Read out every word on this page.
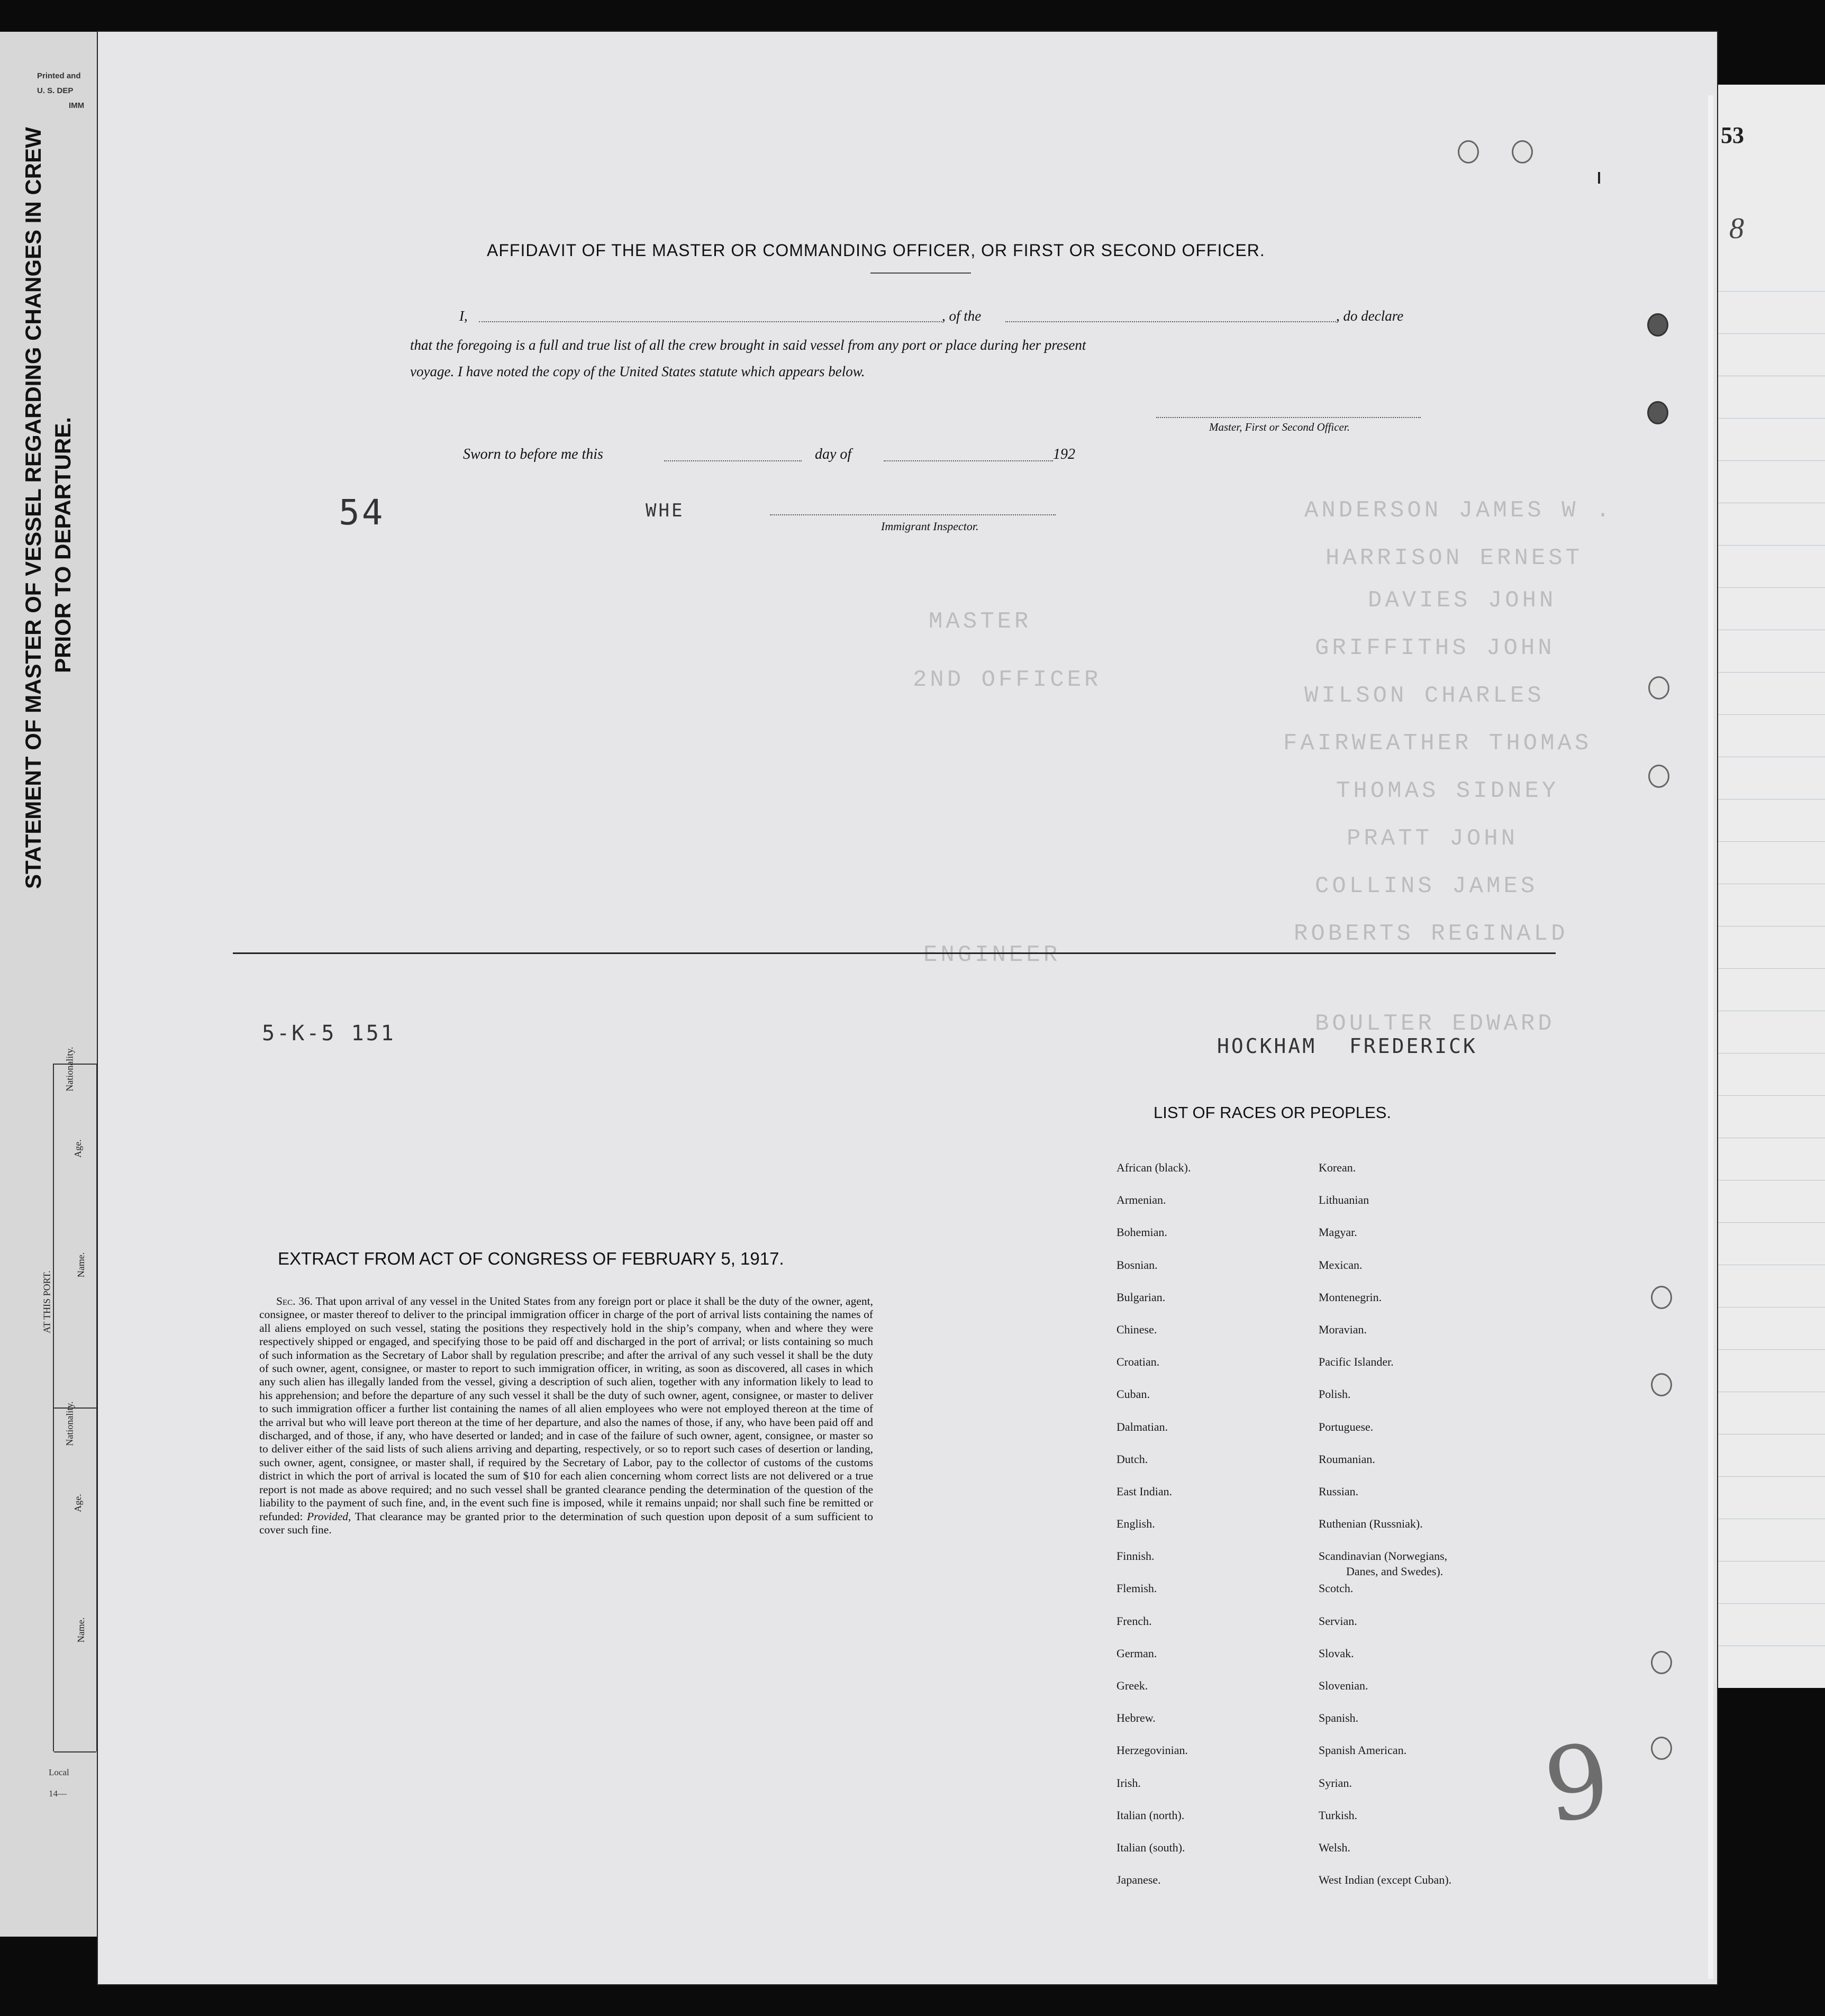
Printed and
U. S. DEP
IMM
STATEMENT OF MASTER OF VESSEL REGARDING CHANGES IN CREW PRIOR TO DEPARTURE.
Nationality.
Age.
Name.
Nationality.
Age.
Name.
AT THIS PORT.
Local
14—
53
8
ANDERSON JAMES W .
HARRISON ERNEST
DAVIES JOHN
GRIFFITHS JOHN
WILSON CHARLES
FAIRWEATHER THOMAS
THOMAS SIDNEY
PRATT JOHN
COLLINS JAMES
ROBERTS REGINALD
BOULTER EDWARD
ENGINEER
MASTER
2ND OFFICER
AFFIDAVIT OF THE MASTER OR COMMANDING OFFICER, OR FIRST OR SECOND OFFICER.
I,	, of the	, do declare
that the foregoing is a full and true list of all the crew brought in said vessel from any port or place during her present
voyage. I have noted the copy of the United States statute which appears below.
Master, First or Second Officer.
Sworn to before me this	day of	192
Immigrant Inspector.
54	WHE
5-K-5 151
HOCKHAM FREDERICK
9
EXTRACT FROM ACT OF CONGRESS OF FEBRUARY 5, 1917.
Sec. 36. That upon arrival of any vessel in the United States from any foreign port or place it shall be the duty of the owner, agent, consignee, or master thereof to deliver to the principal immigration officer in charge of the port of arrival lists containing the names of all aliens employed on such vessel, stating the positions they respectively hold in the ship’s company, when and where they were respectively shipped or engaged, and specifying those to be paid off and discharged in the port of arrival; or lists containing so much of such information as the Secretary of Labor shall by regulation prescribe; and after the arrival of any such vessel it shall be the duty of such owner, agent, consignee, or master to report to such immigration officer, in writing, as soon as discovered, all cases in which any such alien has illegally landed from the vessel, giving a description of such alien, together with any information likely to lead to his apprehension; and before the departure of any such vessel it shall be the duty of such owner, agent, consignee, or master to deliver to such immigration officer a further list containing the names of all alien employees who were not employed thereon at the time of the arrival but who will leave port thereon at the time of her departure, and also the names of those, if any, who have been paid off and discharged, and of those, if any, who have deserted or landed; and in case of the failure of such owner, agent, consignee, or master so to deliver either of the said lists of such aliens arriving and departing, respectively, or so to report such cases of desertion or landing, such owner, agent, consignee, or master shall, if required by the Secretary of Labor, pay to the collector of customs of the customs district in which the port of arrival is located the sum of $10 for each alien concerning whom correct lists are not delivered or a true report is not made as above required; and no such vessel shall be granted clearance pending the determination of the question of the liability to the payment of such fine, and, in the event such fine is imposed, while it remains unpaid; nor shall such fine be remitted or refunded: Provided, That clearance may be granted prior to the determination of such question upon deposit of a sum sufficient to cover such fine.
LIST OF RACES OR PEOPLES.
African (black).
Armenian.
Bohemian.
Bosnian.
Bulgarian.
Chinese.
Croatian.
Cuban.
Dalmatian.
Dutch.
East Indian.
English.
Finnish.
Flemish.
French.
German.
Greek.
Hebrew.
Herzegovinian.
Irish.
Italian (north).
Italian (south).
Japanese.
Korean.
Lithuanian
Magyar.
Mexican.
Montenegrin.
Moravian.
Pacific Islander.
Polish.
Portuguese.
Roumanian.
Russian.
Ruthenian (Russniak).
Scandinavian (Norwegians,
Danes, and Swedes).
Scotch.
Servian.
Slovak.
Slovenian.
Spanish.
Spanish American.
Syrian.
Turkish.
Welsh.
West Indian (except Cuban).
